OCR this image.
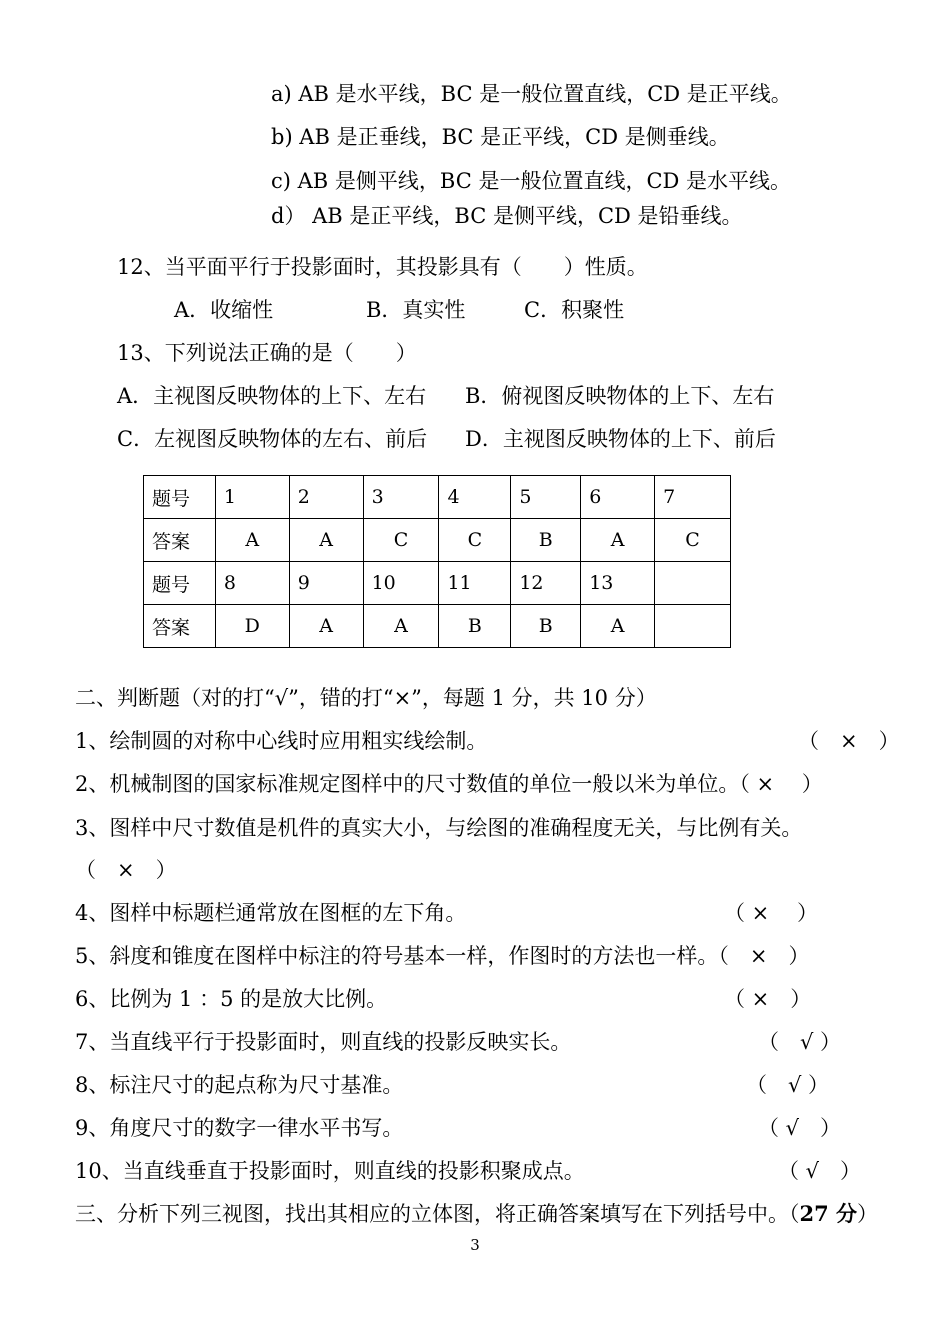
a) AB 是水平线，BC 是一般位置直线，CD 是正平线。
b) AB 是正垂线，BC 是正平线，CD 是侧垂线。
c) AB 是侧平线，BC 是一般位置直线，CD 是水平线。
d） AB 是正平线，BC 是侧平线，CD 是铅垂线。
12、当平面平行于投影面时，其投影具有（　　）性质。
A．收缩性	B．真实性	C．积聚性
13、下列说法正确的是（　　）
A．主视图反映物体的上下、左右 B．俯视图反映物体的上下、左右
C．左视图反映物体的左右、前后 D．主视图反映物体的上下、前后
题号	1	2	3	4	5	6	7
答案	A	A	C	C	B	A	C
题号	8	9	10	11	12	13	
答案	D	A	A	B	B	A	
二、判断题（对的打“√”，错的打“×”，每题 1 分，共 10 分）
1、绘制圆的对称中心线时应用粗实线绘制。	（　×　）
2、机械制图的国家标准规定图样中的尺寸数值的单位一般以米为单位。（ ×　 ）
3、图样中尺寸数值是机件的真实大小，与绘图的准确程度无关，与比例有关。
（　×　）
4、图样中标题栏通常放在图框的左下角。	（ ×　 ）
5、斜度和锥度在图样中标注的符号基本一样，作图时的方法也一样。（　×　）
6、比例为 1 ：5 的是放大比例。	（ ×　）
7、当直线平行于投影面时，则直线的投影反映实长。	（　√ ）
8、标注尺寸的起点称为尺寸基准。	（　√ ）
9、角度尺寸的数字一律水平书写。	（ √　）
10、当直线垂直于投影面时，则直线的投影积聚成点。	（ √　）
三、分析下列三视图，找出其相应的立体图，将正确答案填写在下列括号中。（27 分）
3
